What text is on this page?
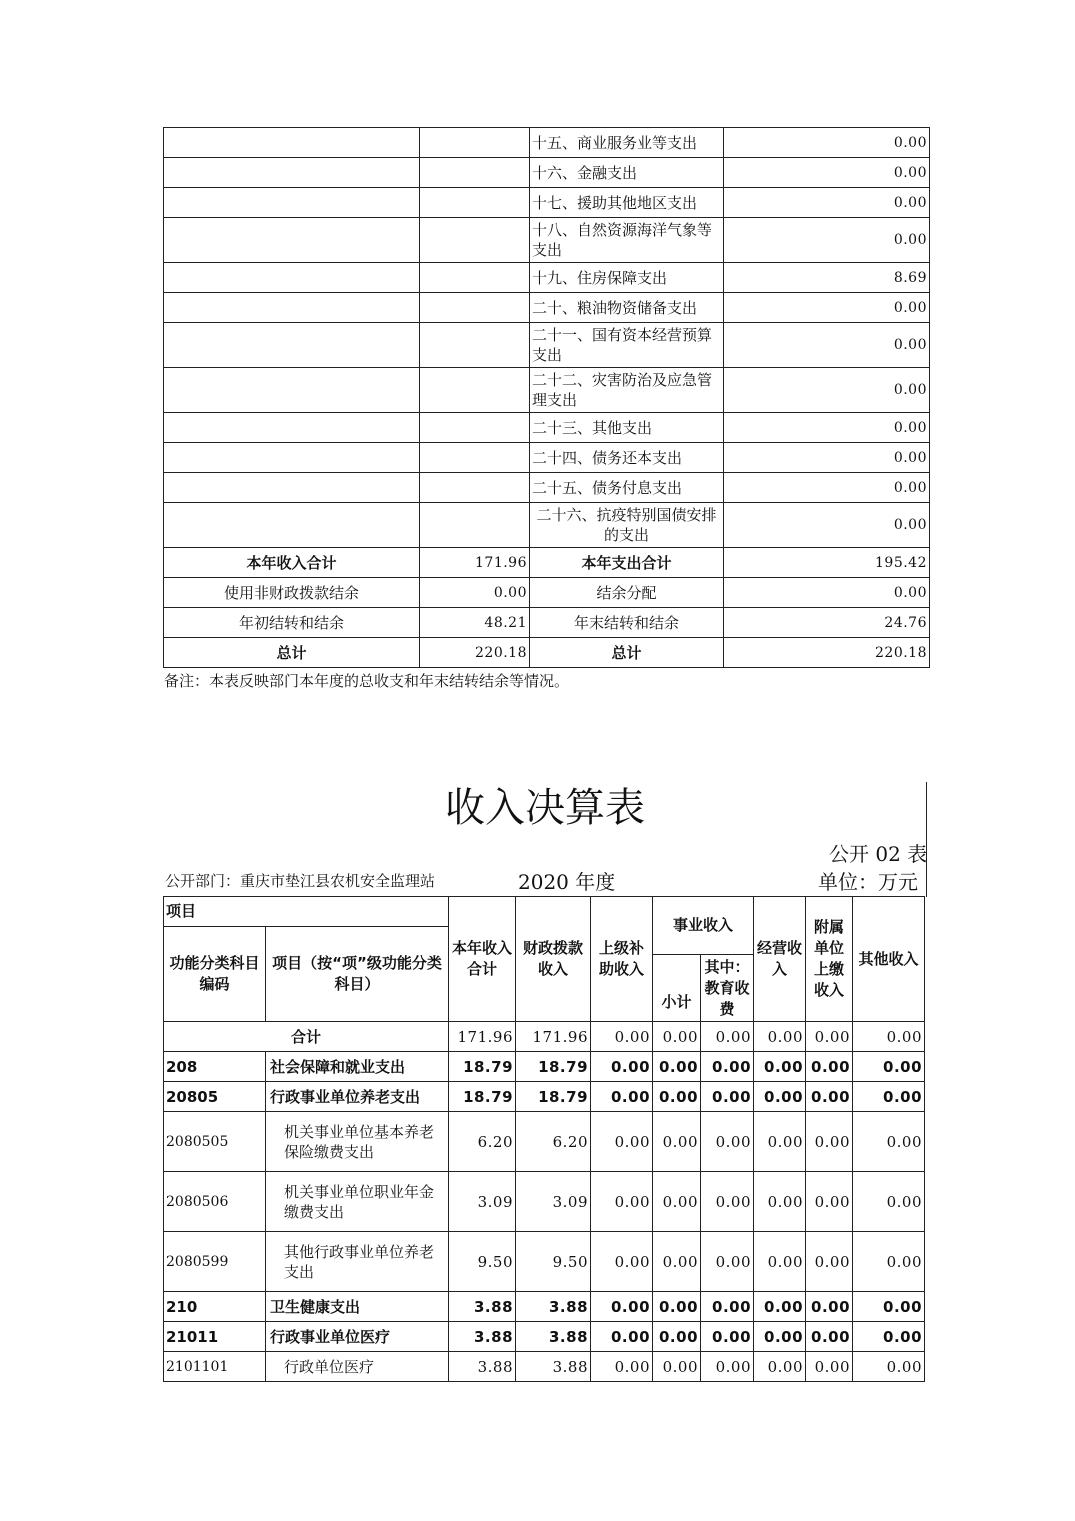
		十五、商业服务业等支出	0.00
		十六、金融支出	0.00
		十七、援助其他地区支出	0.00
		十八、自然资源海洋气象等支出	0.00
		十九、住房保障支出	8.69
		二十、粮油物资储备支出	0.00
		二十一、国有资本经营预算支出	0.00
		二十二、灾害防治及应急管理支出	0.00
		二十三、其他支出	0.00
		二十四、债务还本支出	0.00
		二十五、债务付息支出	0.00
		二十六、抗疫特别国债安排的支出	0.00
本年收入合计	171.96	本年支出合计	195.42
使用非财政拨款结余	0.00	结余分配	0.00
年初结转和结余	48.21	年末结转和结余	24.76
总计	220.18	总计	220.18
备注：本表反映部门本年度的总收支和年末结转结余等情况。
收入决算表
公开 02 表
公开部门：重庆市垫江县农机安全监理站	2020 年度	单位：万元
项目		本年收入合计	财政拨款收入	上级补助收入	事业收入		经营收入	附属单位上缴收入	其他收入
功能分类科目编码	项目（按“项”级功能分类科目）								
					小计	其中：教育收费			
合计		171.96	171.96	0.00	0.00	0.00	0.00	0.00	0.00
208	社会保障和就业支出	18.79	18.79	0.00	0.00	0.00	0.00	0.00	0.00
20805	行政事业单位养老支出	18.79	18.79	0.00	0.00	0.00	0.00	0.00	0.00
2080505	机关事业单位基本养老保险缴费支出	6.20	6.20	0.00	0.00	0.00	0.00	0.00	0.00
2080506	机关事业单位职业年金缴费支出	3.09	3.09	0.00	0.00	0.00	0.00	0.00	0.00
2080599	其他行政事业单位养老支出	9.50	9.50	0.00	0.00	0.00	0.00	0.00	0.00
210	卫生健康支出	3.88	3.88	0.00	0.00	0.00	0.00	0.00	0.00
21011	行政事业单位医疗	3.88	3.88	0.00	0.00	0.00	0.00	0.00	0.00
2101101	行政单位医疗	3.88	3.88	0.00	0.00	0.00	0.00	0.00	0.00
